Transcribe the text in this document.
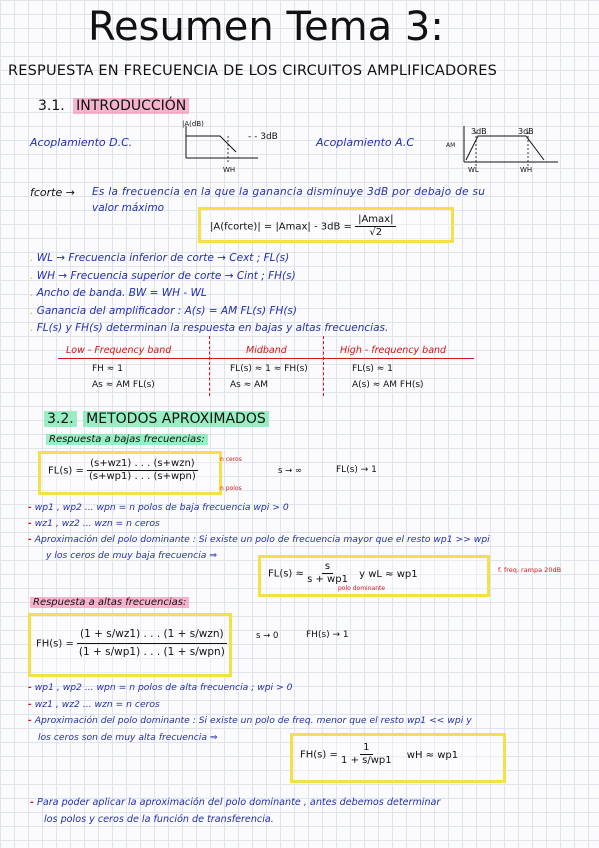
Resumen Tema 3:
RESPUESTA EN FRECUENCIA DE LOS CIRCUITOS AMPLIFICADORES
3.1. INTRODUCCIÓN
Acoplamiento D.C.
|A(dB)
- - 3dB
WH
Acoplamiento A.C	AM
3dB	3dB
WL	WH
fcorte → Es la frecuencia en la que la ganancia disminuye 3dB por debajo de su
valor máximo
|A(fcorte)| = $|Amax| - 3dB = \frac{|Amax|}{√2}$
. WL → Frecuencia inferior de corte → Cext ; FL(s)
. WH → Frecuencia superior de corte → Cint ; FH(s)
. Ancho de banda. BW = WH - WL
. Ganancia del amplificador : A(s) = AM FL(s) FH(s)
. FL(s) y FH(s) determinan la respuesta en bajas y altas frecuencias.
Low - Frequency band	Midband	High - frequency band
FH ≈ 1	FL(s) ≈ 1 ≈ FH(s)	FL(s) ≈ 1
As ≈ AM FL(s)	As ≈ AM	A(s) ≈ AM FH(s)
3.2. METODOS APROXIMADOS
Respuesta a bajas frecuencias:
$FL(s) = \frac{\text{(s+wz1) . . . (s+wzn)}}{\text{(s+wp1) . . . (s+wpn)}}$	n ceros
n polos
s → ∞	FL(s) → 1
- wp1 , wp2 ... wpn = n polos de baja frecuencia wpi > 0
- wz1 , wz2 ... wzn = n ceros
- Aproximación del polo dominante : Si existe un polo de frecuencia mayor que el resto wp1 >> wpi
y los ceros de muy baja frecuencia ⇒
$FL(s) \approx \frac{s}{s + wp1}$ y wL ≈ wp1
polo dominante
f. freq. rampa 20dB
Respuesta a altas frecuencias:
$FH(s) = \frac{\text{(1 + s/wz1) . . . (1 + s/wzn)}}{\text{(1 + s/wp1) . . . (1 + s/wpn)}}$	s → 0	FH(s) → 1
- wp1 , wp2 ... wpn = n polos de alta frecuencia ; wpi > 0
- wz1 , wz2 ... wzn = n ceros
- Aproximación del polo dominante : Si existe un polo de freq. menor que el resto wp1 << wpi y
los ceros son de muy alta frecuencia ⇒
$FH(s) = \frac{1}{1 + s/wp1}$ wH ≈ wp1
- Para poder aplicar la aproximación del polo dominante , antes debemos determinar
los polos y ceros de la función de transferencia.
